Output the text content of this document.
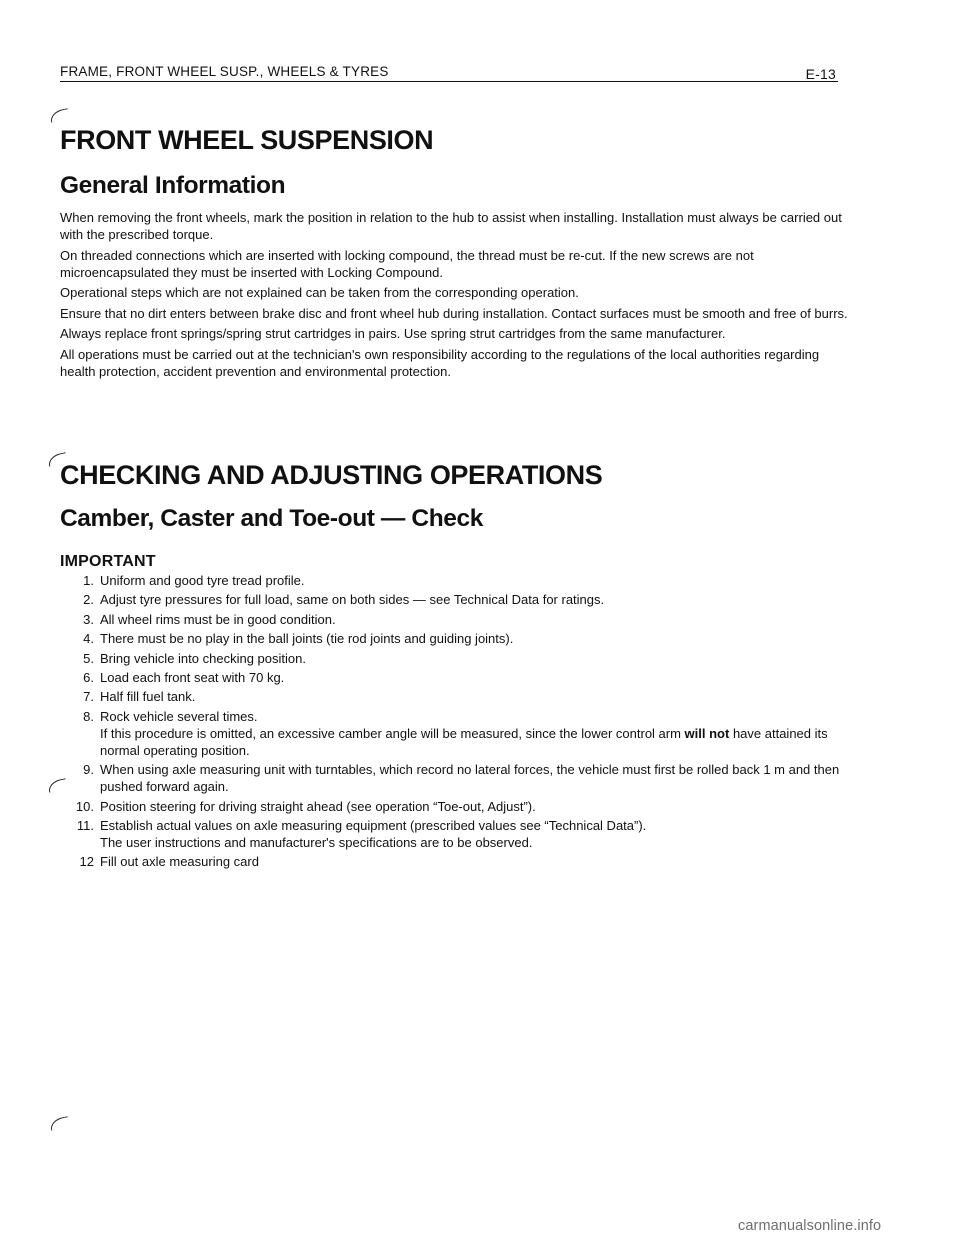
FRAME, FRONT WHEEL SUSP., WHEELS & TYRES	E-13
FRONT WHEEL SUSPENSION
General Information

When removing the front wheels, mark the position in relation to the hub to assist when installing. Installation must always be carried out with the prescribed torque.

On threaded connections which are inserted with locking compound, the thread must be re-cut. If the new screws are not microencapsulated they must be inserted with Locking Compound.

Operational steps which are not explained can be taken from the corresponding operation.

Ensure that no dirt enters between brake disc and front wheel hub during installation. Contact surfaces must be smooth and free of burrs.

Always replace front springs/spring strut cartridges in pairs. Use spring strut cartridges from the same manufacturer.

All operations must be carried out at the technician's own responsibility according to the regulations of the local authorities regarding health protection, accident prevention and environmental protection.

CHECKING AND ADJUSTING OPERATIONS
Camber, Caster and Toe-out — Check
IMPORTANT
1. Uniform and good tyre tread profile.
2. Adjust tyre pressures for full load, same on both sides — see Technical Data for ratings.
3. All wheel rims must be in good condition.
4. There must be no play in the ball joints (tie rod joints and guiding joints).
5. Bring vehicle into checking position.
6. Load each front seat with 70 kg.
7. Half fill fuel tank.
8. Rock vehicle several times.
If this procedure is omitted, an excessive camber angle will be measured, since the lower control arm will not have attained its normal operating position.
9. When using axle measuring unit with turntables, which record no lateral forces, the vehicle must first be rolled back 1 m and then pushed forward again.
10. Position steering for driving straight ahead (see operation “Toe-out, Adjust”).
11. Establish actual values on axle measuring equipment (prescribed values see “Technical Data”).
The user instructions and manufacturer's specifications are to be observed.
12 Fill out axle measuring card
carmanualsonline.info
